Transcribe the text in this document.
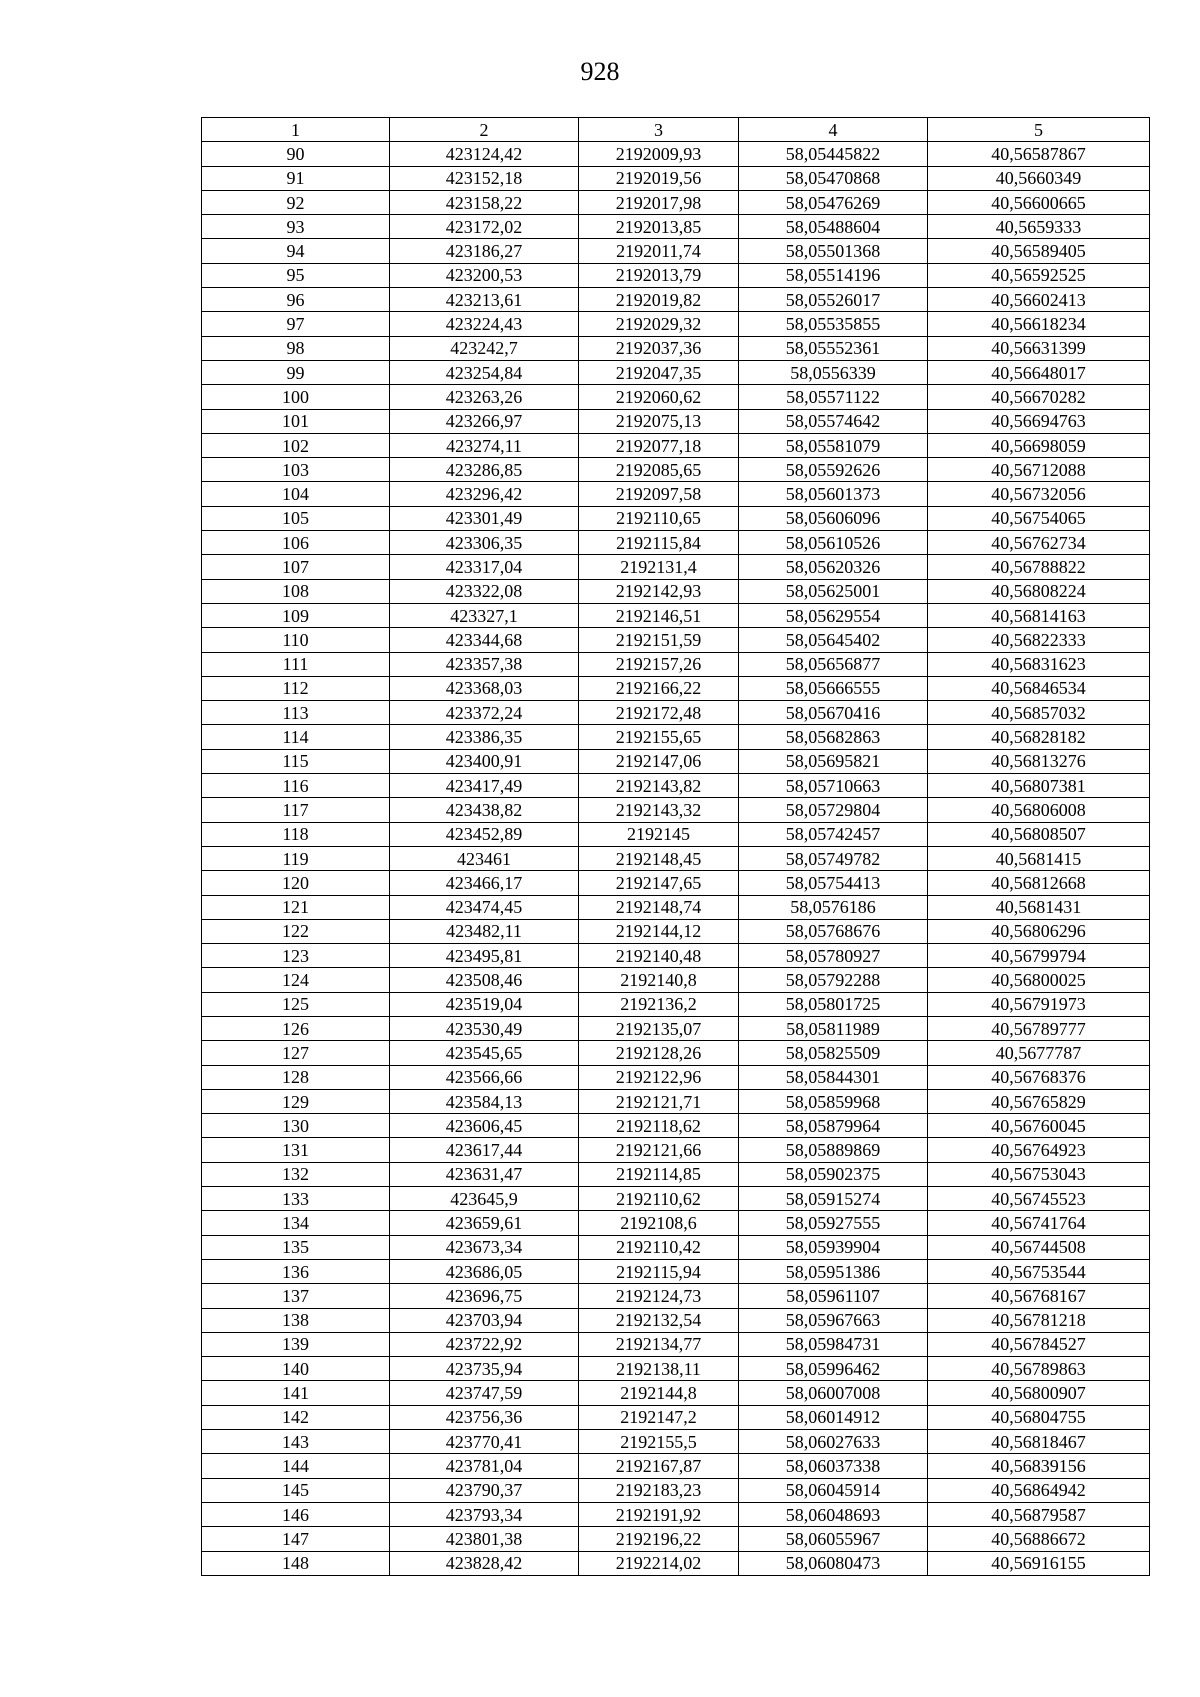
928
1	2	3	4	5
90	423124,42	2192009,93	58,05445822	40,56587867
91	423152,18	2192019,56	58,05470868	40,5660349
92	423158,22	2192017,98	58,05476269	40,56600665
93	423172,02	2192013,85	58,05488604	40,5659333
94	423186,27	2192011,74	58,05501368	40,56589405
95	423200,53	2192013,79	58,05514196	40,56592525
96	423213,61	2192019,82	58,05526017	40,56602413
97	423224,43	2192029,32	58,05535855	40,56618234
98	423242,7	2192037,36	58,05552361	40,56631399
99	423254,84	2192047,35	58,0556339	40,56648017
100	423263,26	2192060,62	58,05571122	40,56670282
101	423266,97	2192075,13	58,05574642	40,56694763
102	423274,11	2192077,18	58,05581079	40,56698059
103	423286,85	2192085,65	58,05592626	40,56712088
104	423296,42	2192097,58	58,05601373	40,56732056
105	423301,49	2192110,65	58,05606096	40,56754065
106	423306,35	2192115,84	58,05610526	40,56762734
107	423317,04	2192131,4	58,05620326	40,56788822
108	423322,08	2192142,93	58,05625001	40,56808224
109	423327,1	2192146,51	58,05629554	40,56814163
110	423344,68	2192151,59	58,05645402	40,56822333
111	423357,38	2192157,26	58,05656877	40,56831623
112	423368,03	2192166,22	58,05666555	40,56846534
113	423372,24	2192172,48	58,05670416	40,56857032
114	423386,35	2192155,65	58,05682863	40,56828182
115	423400,91	2192147,06	58,05695821	40,56813276
116	423417,49	2192143,82	58,05710663	40,56807381
117	423438,82	2192143,32	58,05729804	40,56806008
118	423452,89	2192145	58,05742457	40,56808507
119	423461	2192148,45	58,05749782	40,5681415
120	423466,17	2192147,65	58,05754413	40,56812668
121	423474,45	2192148,74	58,0576186	40,5681431
122	423482,11	2192144,12	58,05768676	40,56806296
123	423495,81	2192140,48	58,05780927	40,56799794
124	423508,46	2192140,8	58,05792288	40,56800025
125	423519,04	2192136,2	58,05801725	40,56791973
126	423530,49	2192135,07	58,05811989	40,56789777
127	423545,65	2192128,26	58,05825509	40,5677787
128	423566,66	2192122,96	58,05844301	40,56768376
129	423584,13	2192121,71	58,05859968	40,56765829
130	423606,45	2192118,62	58,05879964	40,56760045
131	423617,44	2192121,66	58,05889869	40,56764923
132	423631,47	2192114,85	58,05902375	40,56753043
133	423645,9	2192110,62	58,05915274	40,56745523
134	423659,61	2192108,6	58,05927555	40,56741764
135	423673,34	2192110,42	58,05939904	40,56744508
136	423686,05	2192115,94	58,05951386	40,56753544
137	423696,75	2192124,73	58,05961107	40,56768167
138	423703,94	2192132,54	58,05967663	40,56781218
139	423722,92	2192134,77	58,05984731	40,56784527
140	423735,94	2192138,11	58,05996462	40,56789863
141	423747,59	2192144,8	58,06007008	40,56800907
142	423756,36	2192147,2	58,06014912	40,56804755
143	423770,41	2192155,5	58,06027633	40,56818467
144	423781,04	2192167,87	58,06037338	40,56839156
145	423790,37	2192183,23	58,06045914	40,56864942
146	423793,34	2192191,92	58,06048693	40,56879587
147	423801,38	2192196,22	58,06055967	40,56886672
148	423828,42	2192214,02	58,06080473	40,56916155
